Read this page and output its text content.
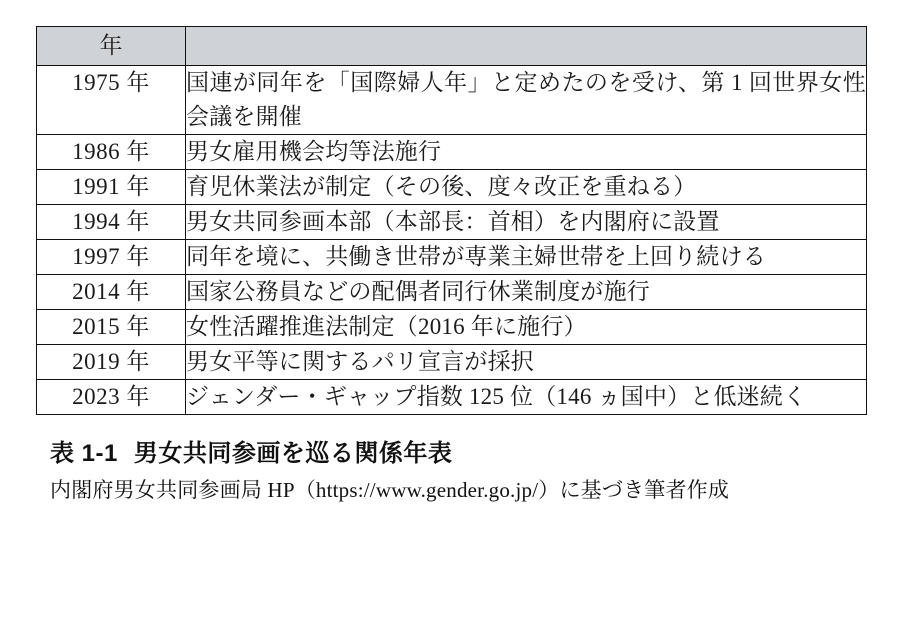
年	

1975 年	国連が同年を「国際婦人年」と定めたのを受け、第 1 回世界女性会議を開催

1986 年	男女雇用機会均等法施行

1991 年	育児休業法が制定（その後、度々改正を重ねる）

1994 年	男女共同参画本部（本部長：首相）を内閣府に設置

1997 年	同年を境に、共働き世帯が専業主婦世帯を上回り続ける

2014 年	国家公務員などの配偶者同行休業制度が施行

2015 年	女性活躍推進法制定（2016 年に施行）

2019 年	男女平等に関するパリ宣言が採択

2023 年	ジェンダー・ギャップ指数 125 位（146 ヵ国中）と低迷続く
表 1-1 男女共同参画を巡る関係年表
内閣府男女共同参画局 HP（https://www.gender.go.jp/）に基づき筆者作成
